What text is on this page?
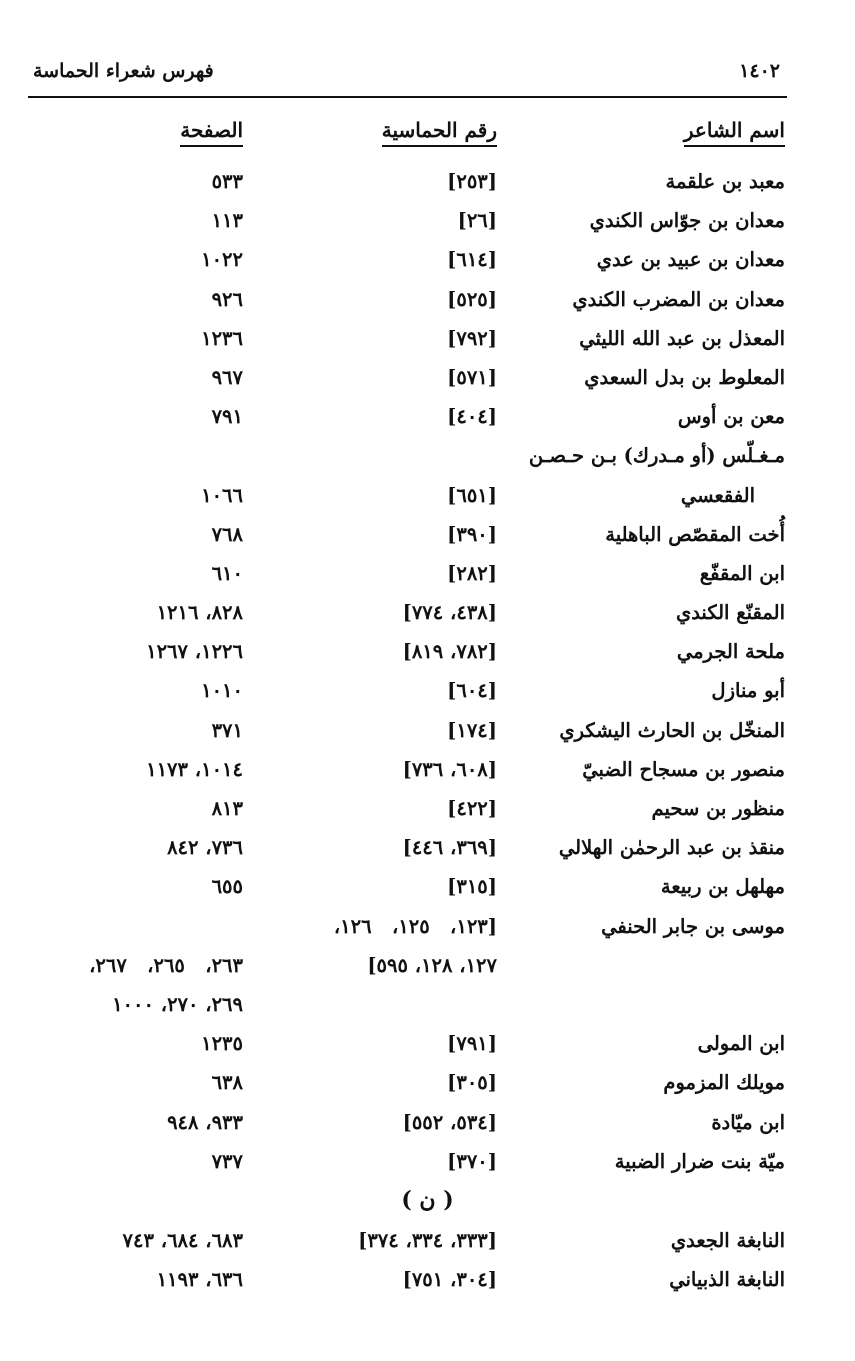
١٤٠٢
فهرس شعراء الحماسة
اسم الشاعر
رقم الحماسية
الصفحة
معبد بن علقمة
[٢٥٣]
٥٣٣
معدان بن جوّاس الكندي
[٢٦]
١١٣
معدان بن عبيد بن عدي
[٦١٤]
١٠٢٢
معدان بن المضرب الكندي
[٥٢٥]
٩٢٦
المعذل بن عبد الله الليثي
[٧٩٢]
١٢٣٦
المعلوط بن بدل السعدي
[٥٧١]
٩٦٧
معن بن أوس
[٤٠٤]
٧٩١
مـغـلّس (أو مـدرك) بـن حـصـن
الفقعسي
[٦٥١]
١٠٦٦
أُخت المقصّص الباهلية
[٣٩٠]
٧٦٨
ابن المقفّع
[٢٨٢]
٦١٠
المقنّع الكندي
[٤٣٨، ٧٧٤]
٨٢٨، ١٢١٦
ملحة الجرمي
[٧٨٢، ٨١٩]
١٢٢٦، ١٢٦٧
أبو منازل
[٦٠٤]
١٠١٠
المنخّل بن الحارث اليشكري
[١٧٤]
٣٧١
منصور بن مسجاح الضبيّ
[٦٠٨، ٧٣٦]
١٠١٤، ١١٧٣
منظور بن سحيم
[٤٢٢]
٨١٣
منقذ بن عبد الرحمٰن الهلالي
[٣٦٩، ٤٤٦]
٧٣٦، ٨٤٢
مهلهل بن ربيعة
[٣١٥]
٦٥٥
موسى بن جابر الحنفي
[١٢٣،   ١٢٥،   ١٢٦،
١٢٧، ١٢٨، ٥٩٥]
٢٦٣،   ٢٦٥،   ٢٦٧،
٢٦٩، ٢٧٠، ١٠٠٠
ابن المولى
[٧٩١]
١٢٣٥
مويلك المزموم
[٣٠٥]
٦٣٨
ابن ميّادة
[٥٣٤، ٥٥٢]
٩٣٣، ٩٤٨
ميّة بنت ضرار الضبية
[٣٧٠]
٧٣٧
( ن )
النابغة الجعدي
[٣٣٣، ٣٣٤، ٣٧٤]
٦٨٣، ٦٨٤، ٧٤٣
النابغة الذبياني
[٣٠٤، ٧٥١]
٦٣٦، ١١٩٣
